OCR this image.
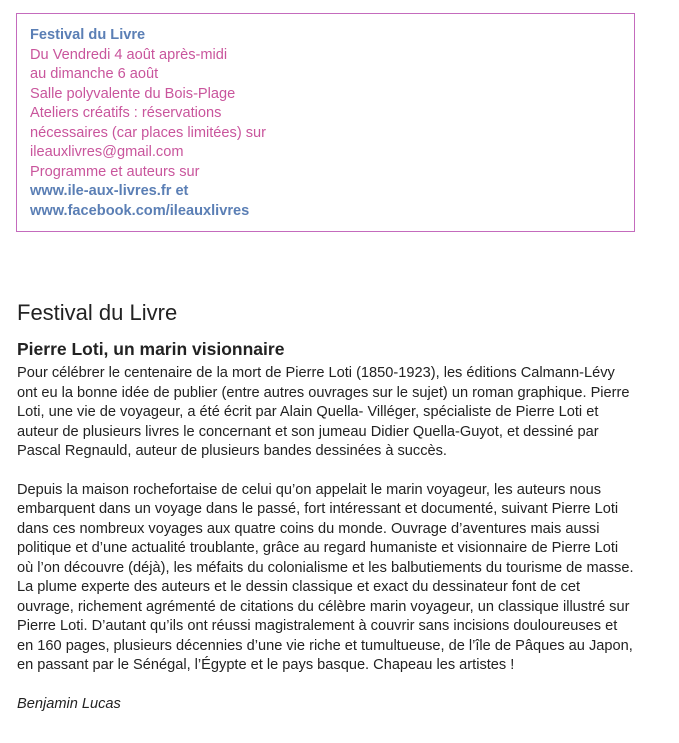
Festival du Livre
Du Vendredi 4 août après-midi
au dimanche 6 août
Salle polyvalente du Bois-Plage
Ateliers créatifs : réservations
nécessaires (car places limitées) sur
ileauxlivres@gmail.com
Programme et auteurs sur
www.ile-aux-livres.fr et
www.facebook.com/ileauxlivres
Festival du Livre
Pierre Loti, un marin visionnaire

Pour célébrer le centenaire de la mort de Pierre Loti (1850-1923), les éditions Calmann-Lévy ont eu la bonne idée de publier (entre autres ouvrages sur le sujet) un roman graphique. Pierre Loti, une vie de voyageur, a été écrit par Alain Quella- Villéger, spécialiste de Pierre Loti et auteur de plusieurs livres le concernant et son jumeau Didier Quella-Guyot, et dessiné par Pascal Regnauld, auteur de plusieurs bandes dessinées à succès.

Depuis la maison rochefortaise de celui qu’on appelait le marin voyageur, les auteurs nous embarquent dans un voyage dans le passé, fort intéressant et documenté, suivant Pierre Loti dans ces nombreux voyages aux quatre coins du monde. Ouvrage d’aventures mais aussi politique et d’une actualité troublante, grâce au regard humaniste et visionnaire de Pierre Loti où l’on découvre (déjà), les méfaits du colonialisme et les balbutiements du tourisme de masse. La plume experte des auteurs et le dessin classique et exact du dessinateur font de cet ouvrage, richement agrémenté de citations du célèbre marin voyageur, un classique illustré sur Pierre Loti. D’autant qu’ils ont réussi magistralement à couvrir sans incisions douloureuses et en 160 pages, plusieurs décennies d’une vie riche et tumultueuse, de l’île de Pâques au Japon, en passant par le Sénégal, l’Égypte et le pays basque. Chapeau les artistes !

Benjamin Lucas
